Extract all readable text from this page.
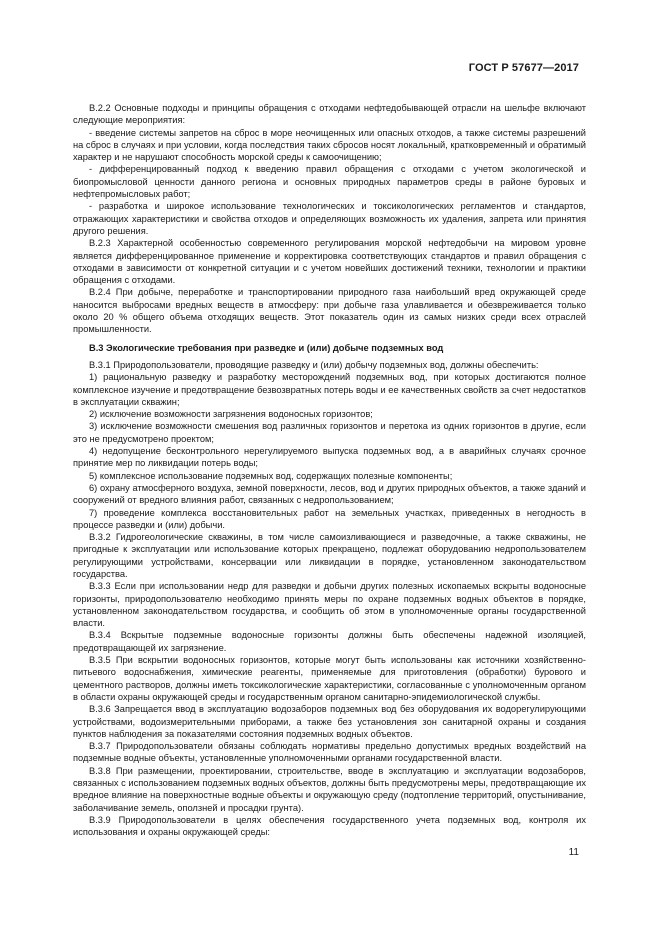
ГОСТ Р 57677—2017

В.2.2 Основные подходы и принципы обращения с отходами нефтедобывающей отрасли на шельфе включают следующие мероприятия:

- введение системы запретов на сброс в море неочищенных или опасных отходов, а также системы разрешений на сброс в случаях и при условии, когда последствия таких сбросов носят локальный, кратковременный и обратимый характер и не нарушают способность морской среды к самоочищению;

- дифференцированный подход к введению правил обращения с отходами с учетом экологической и биопромысловой ценности данного региона и основных природных параметров среды в районе буровых и нефтепромысловых работ;

- разработка и широкое использование технологических и токсикологических регламентов и стандартов, отражающих характеристики и свойства отходов и определяющих возможность их удаления, запрета или принятия другого решения.

В.2.3 Характерной особенностью современного регулирования морской нефтедобычи на мировом уровне является дифференцированное применение и корректировка соответствующих стандартов и правил обращения с отходами в зависимости от конкретной ситуации и с учетом новейших достижений техники, технологии и практики обращения с отходами.

В.2.4 При добыче, переработке и транспортировании природного газа наибольший вред окружающей среде наносится выбросами вредных веществ в атмосферу: при добыче газа улавливается и обезвреживается только около 20 % общего объема отходящих веществ. Этот показатель один из самых низких среди всех отраслей промышленности.

В.3 Экологические требования при разведке и (или) добыче подземных вод

В.3.1 Природопользователи, проводящие разведку и (или) добычу подземных вод, должны обеспечить:

1) рациональную разведку и разработку месторождений подземных вод, при которых достигаются полное комплексное изучение и предотвращение безвозвратных потерь воды и ее качественных свойств за счет недостатков в эксплуатации скважин;

2) исключение возможности загрязнения водоносных горизонтов;

3) исключение возможности смешения вод различных горизонтов и перетока из одних горизонтов в другие, если это не предусмотрено проектом;

4) недопущение бесконтрольного нерегулируемого выпуска подземных вод, а в аварийных случаях срочное принятие мер по ликвидации потерь воды;

5) комплексное использование подземных вод, содержащих полезные компоненты;

6) охрану атмосферного воздуха, земной поверхности, лесов, вод и других природных объектов, а также зданий и сооружений от вредного влияния работ, связанных с недропользованием;

7) проведение комплекса восстановительных работ на земельных участках, приведенных в негодность в процессе разведки и (или) добычи.

В.3.2 Гидрогеологические скважины, в том числе самоизливающиеся и разведочные, а также скважины, не пригодные к эксплуатации или использование которых прекращено, подлежат оборудованию недропользователем регулирующими устройствами, консервации или ликвидации в порядке, установленном законодательством государства.

В.3.3 Если при использовании недр для разведки и добычи других полезных ископаемых вскрыты водоносные горизонты, природопользователю необходимо принять меры по охране подземных водных объектов в порядке, установленном законодательством государства, и сообщить об этом в уполномоченные органы государственной власти.

В.3.4 Вскрытые подземные водоносные горизонты должны быть обеспечены надежной изоляцией, предотвращающей их загрязнение.

В.3.5 При вскрытии водоносных горизонтов, которые могут быть использованы как источники хозяйственно-питьевого водоснабжения, химические реагенты, применяемые для приготовления (обработки) бурового и цементного растворов, должны иметь токсикологические характеристики, согласованные с уполномоченным органом в области охраны окружающей среды и государственным органом санитарно-эпидемиологической службы.

В.3.6 Запрещается ввод в эксплуатацию водозаборов подземных вод без оборудования их водорегулирующими устройствами, водоизмерительными приборами, а также без установления зон санитарной охраны и создания пунктов наблюдения за показателями состояния подземных водных объектов.

В.3.7 Природопользователи обязаны соблюдать нормативы предельно допустимых вредных воздействий на подземные водные объекты, установленные уполномоченными органами государственной власти.

В.3.8 При размещении, проектировании, строительстве, вводе в эксплуатацию и эксплуатации водозаборов, связанных с использованием подземных водных объектов, должны быть предусмотрены меры, предотвращающие их вредное влияние на поверхностные водные объекты и окружающую среду (подтопление территорий, опустынивание, заболачивание земель, оползней и просадки грунта).

В.3.9 Природопользователи в целях обеспечения государственного учета подземных вод, контроля их использования и охраны окружающей среды:

11
